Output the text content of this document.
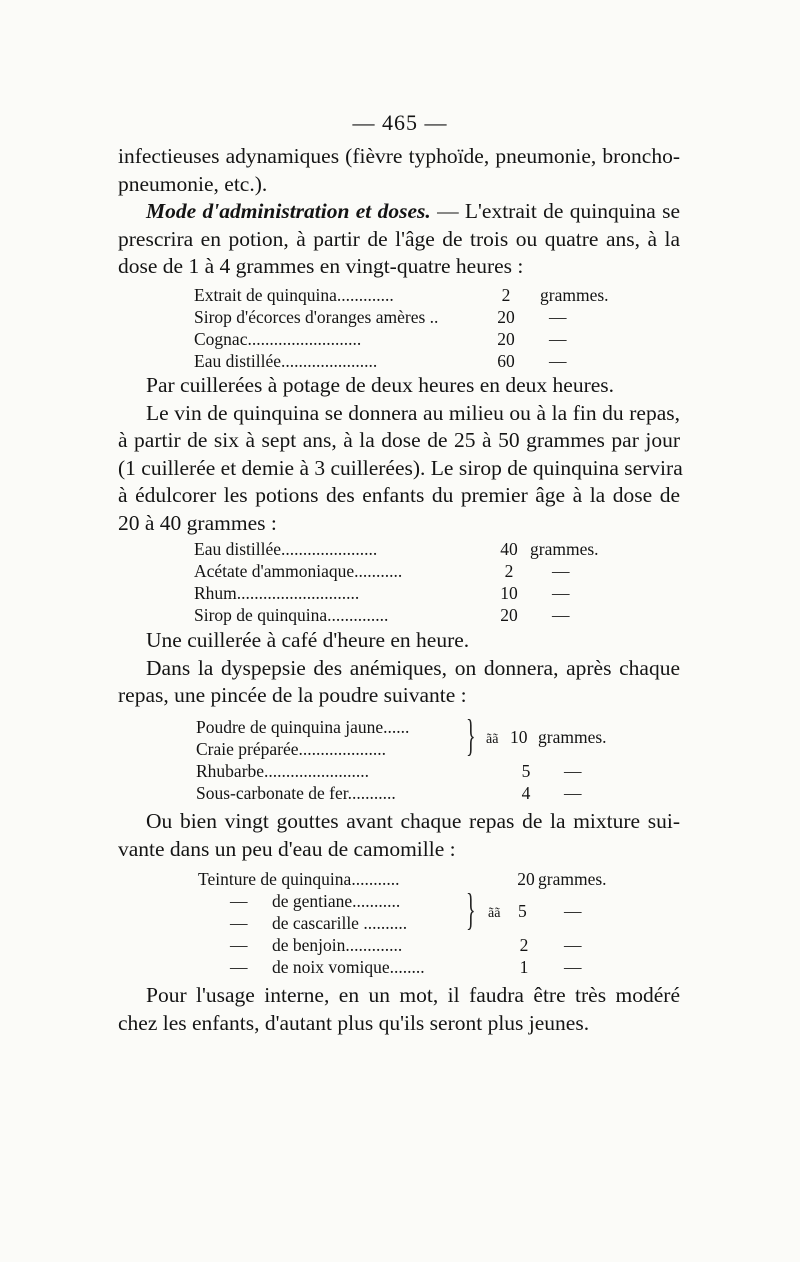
— 465 —
infectieuses adynamiques (fièvre typhoïde, pneumonie, broncho-
pneumonie, etc.).
Mode d'administration et doses. — L'extrait de quinquina se
prescrira en potion, à partir de l'âge de trois ou quatre ans, à la
dose de 1 à 4 grammes en vingt-quatre heures :
Extrait de quinquina.............	2	grammes.
Sirop d'écorces d'oranges amères ..	20	—
Cognac..........................	20	—
Eau distillée......................	60	—
Par cuillerées à potage de deux heures en deux heures.
Le vin de quinquina se donnera au milieu ou à la fin du repas,
à partir de six à sept ans, à la dose de 25 à 50 grammes par jour
(1 cuillerée et demie à 3 cuillerées). Le sirop de quinquina servira
à édulcorer les potions des enfants du premier âge à la dose de
20 à 40 grammes :
Eau distillée......................	40 grammes.
Acétate d'ammoniaque...........	2	—
Rhum............................	10	—
Sirop de quinquina..............	20	—
Une cuillerée à café d'heure en heure.
Dans la dyspepsie des anémiques, on donnera, après chaque
repas, une pincée de la poudre suivante :
Poudre de quinquina jaune......
Craie préparée.................... } ãã 10 grammes.
Rhubarbe........................	5	—
Sous-carbonate de fer...........	4	—
Ou bien vingt gouttes avant chaque repas de la mixture sui-
vante dans un peu d'eau de camomille :
Teinture de quinquina...........	20 grammes.
— de gentiane...........
— de cascarille .......... } ãã 5 —
— de benjoin.............	2 —
— de noix vomique........	1 —
Pour l'usage interne, en un mot, il faudra être très modéré
chez les enfants, d'autant plus qu'ils seront plus jeunes.
